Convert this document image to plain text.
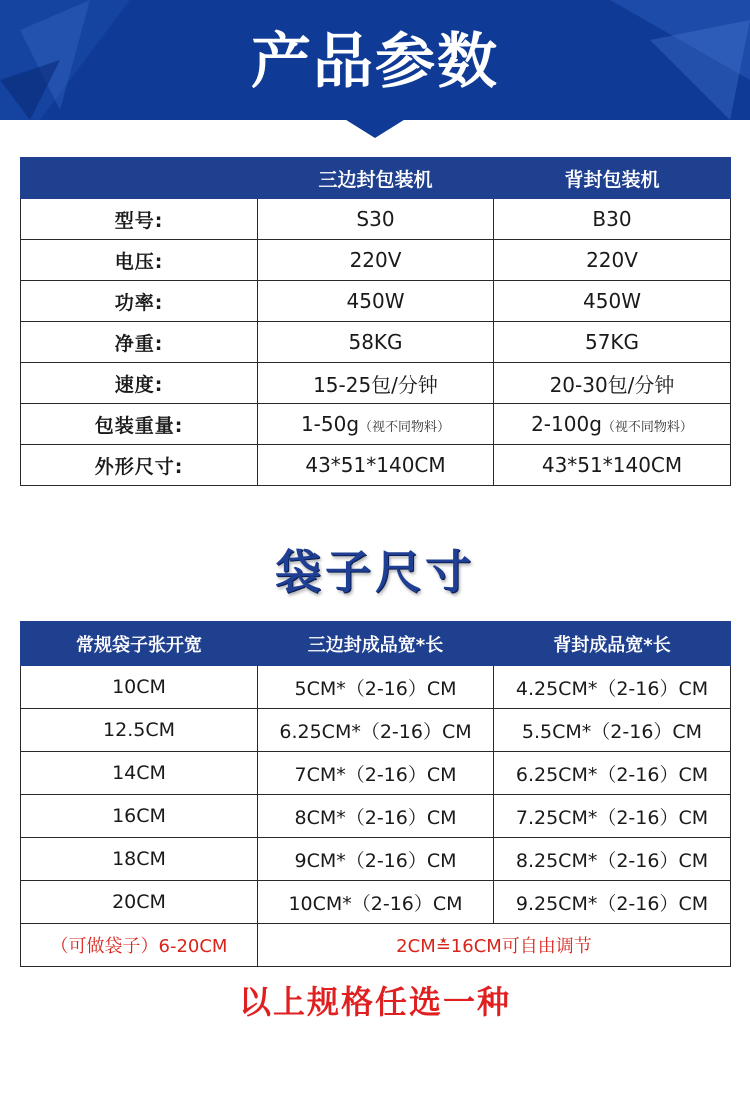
产品参数
	三边封包装机	背封包装机
型号:	S30	B30
电压:	220V	220V
功率:	450W	450W
净重:	58KG	57KG
速度:	15-25包/分钟	20-30包/分钟
包装重量:	1-50g（视不同物料）	2-100g（视不同物料）
外形尺寸:	43*51*140CM	43*51*140CM
袋子尺寸
常规袋子张开宽	三边封成品宽*长	背封成品宽*长
10CM	5CM*（2-16）CM	4.25CM*（2-16）CM
12.5CM	6.25CM*（2-16）CM	5.5CM*（2-16）CM
14CM	7CM*（2-16）CM	6.25CM*（2-16）CM
16CM	8CM*（2-16）CM	7.25CM*（2-16）CM
18CM	9CM*（2-16）CM	8.25CM*（2-16）CM
20CM	10CM*（2-16）CM	9.25CM*（2-16）CM
（可做袋子）6-20CM	2CM≛16CM可自由调节	
以上规格任选一种
